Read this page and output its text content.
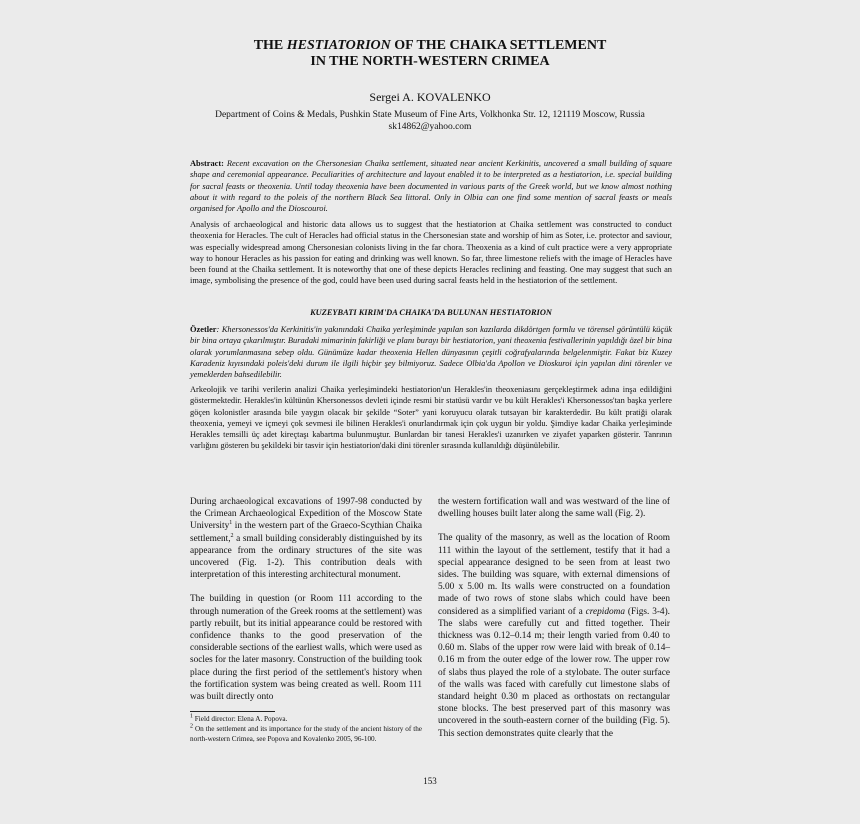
THE HESTIATORION OF THE CHAIKA SETTLEMENT
IN THE NORTH-WESTERN CRIMEA
Sergei A. KOVALENKO
Department of Coins & Medals, Pushkin State Museum of Fine Arts, Volkhonka Str. 12, 121119 Moscow, Russia
sk14862@yahoo.com
Abstract: Recent excavation on the Chersonesian Chaika settlement, situated near ancient Kerkinitis, uncovered a small building of square shape and ceremonial appearance. Peculiarities of architecture and layout enabled it to be interpreted as a hestiatorion, i.e. special building for sacral feasts or theoxenia. Until today theoxenia have been documented in various parts of the Greek world, but we know almost nothing about it with regard to the poleis of the northern Black Sea littoral. Only in Olbia can one find some mention of sacral feasts or meals organised for Apollo and the Dioscouroi.
Analysis of archaeological and historic data allows us to suggest that the hestiatorion at Chaika settlement was constructed to conduct theoxenia for Heracles. The cult of Heracles had official status in the Chersonesian state and worship of him as Soter, i.e. protector and saviour, was especially widespread among Chersonesian colonists living in the far chora. Theoxenia as a kind of cult practice were a very appropriate way to honour Heracles as his passion for eating and drinking was well known. So far, three limestone reliefs with the image of Heracles have been found at the Chaika settlement. It is noteworthy that one of these depicts Heracles reclining and feasting. One may suggest that such an image, symbolising the presence of the god, could have been used during sacral feasts held in the hestiatorion of the settlement.
KUZEYBATI KIRIM'DA CHAIKA'DA BULUNAN HESTIATORION
Özetler: Khersonessos'da Kerkinitis'in yakınındaki Chaika yerleşiminde yapılan son kazılarda dikdörtgen formlu ve törensel görüntülü küçük bir bina ortaya çıkarılmıştır. Buradaki mimarinin fakirliği ve planı burayı bir hestiatorion, yani theoxenia festivallerinin yapıldığı özel bir bina olarak yorumlanmasına sebep oldu. Günümüze kadar theoxenia Hellen dünyasının çeşitli coğrafyalarında belgelenmiştir. Fakat biz Kuzey Karadeniz kıyısındaki poleis'deki durum ile ilgili hiçbir şey bilmiyoruz. Sadece Olbia'da Apollon ve Dioskuroi için yapılan dini törenler ve yemeklerden bahsedilebilir.
Arkeolojik ve tarihi verilerin analizi Chaika yerleşimindeki hestiatorion'un Herakles'in theoxeniasını gerçekleştirmek adına inşa edildiğini göstermektedir. Herakles'in kültünün Khersonessos devleti içinde resmi bir statüsü vardır ve bu kült Herakles'i Khersonessos'tan başka yerlere göçen kolonistler arasında bile yaygın olacak bir şekilde “Soter” yani koruyucu olarak tutsayan bir karakterdedir. Bu kült pratiği olarak theoxenia, yemeyi ve içmeyi çok sevmesi ile bilinen Herakles'i onurlandırmak için çok uygun bir yoldu. Şimdiye kadar Chaika yerleşiminde Herakles temsilli üç adet kireçtaşı kabartma bulunmuştur. Bunlardan bir tanesi Herakles'i uzanırken ve ziyafet yaparken gösterir. Tanrının varlığını gösteren bu şekildeki bir tasvir için hestiatorion'daki dini törenler sırasında kullanıldığı düşünülebilir.

During archaeological excavations of 1997-98 conducted by the Crimean Archaeological Expedition of the Moscow State University$^1$ in the western part of the Graeco-Scythian Chaika settlement,$^2$ a small building considerably distinguished by its appearance from the ordinary structures of the site was uncovered (Fig. 1-2). This contribution deals with interpretation of this interesting architectural monument.

The building in question (or Room 111 according to the through numeration of the Greek rooms at the settlement) was partly rebuilt, but its initial appearance could be restored with confidence thanks to the good preservation of the considerable sections of the earliest walls, which were used as socles for the later masonry. Construction of the building took place during the first period of the settlement's history when the fortification system was being created as well. Room 111 was built directly onto

the western fortification wall and was westward of the line of dwelling houses built later along the same wall (Fig. 2).

The quality of the masonry, as well as the location of Room 111 within the layout of the settlement, testify that it had a special appearance designed to be seen from at least two sides. The building was square, with external dimensions of 5.00 x 5.00 m. Its walls were constructed on a foundation made of two rows of stone slabs which could have been considered as a simplified variant of a crepidoma (Figs. 3-4). The slabs were carefully cut and fitted together. Their thickness was 0.12–0.14 m; their length varied from 0.40 to 0.60 m. Slabs of the upper row were laid with break of 0.14–0.16 m from the outer edge of the lower row. The upper row of slabs thus played the role of a stylobate. The outer surface of the walls was faced with carefully cut limestone slabs of standard height 0.30 m placed as orthostats on rectangular stone blocks. The best preserved part of this masonry was uncovered in the south-eastern corner of the building (Fig. 5). This section demonstrates quite clearly that the

$^1$ Field director: Elena A. Popova.

$^2$ On the settlement and its importance for the study of the ancient history of the north-western Crimea, see Popova and Kovalenko 2005, 96-100.

153
